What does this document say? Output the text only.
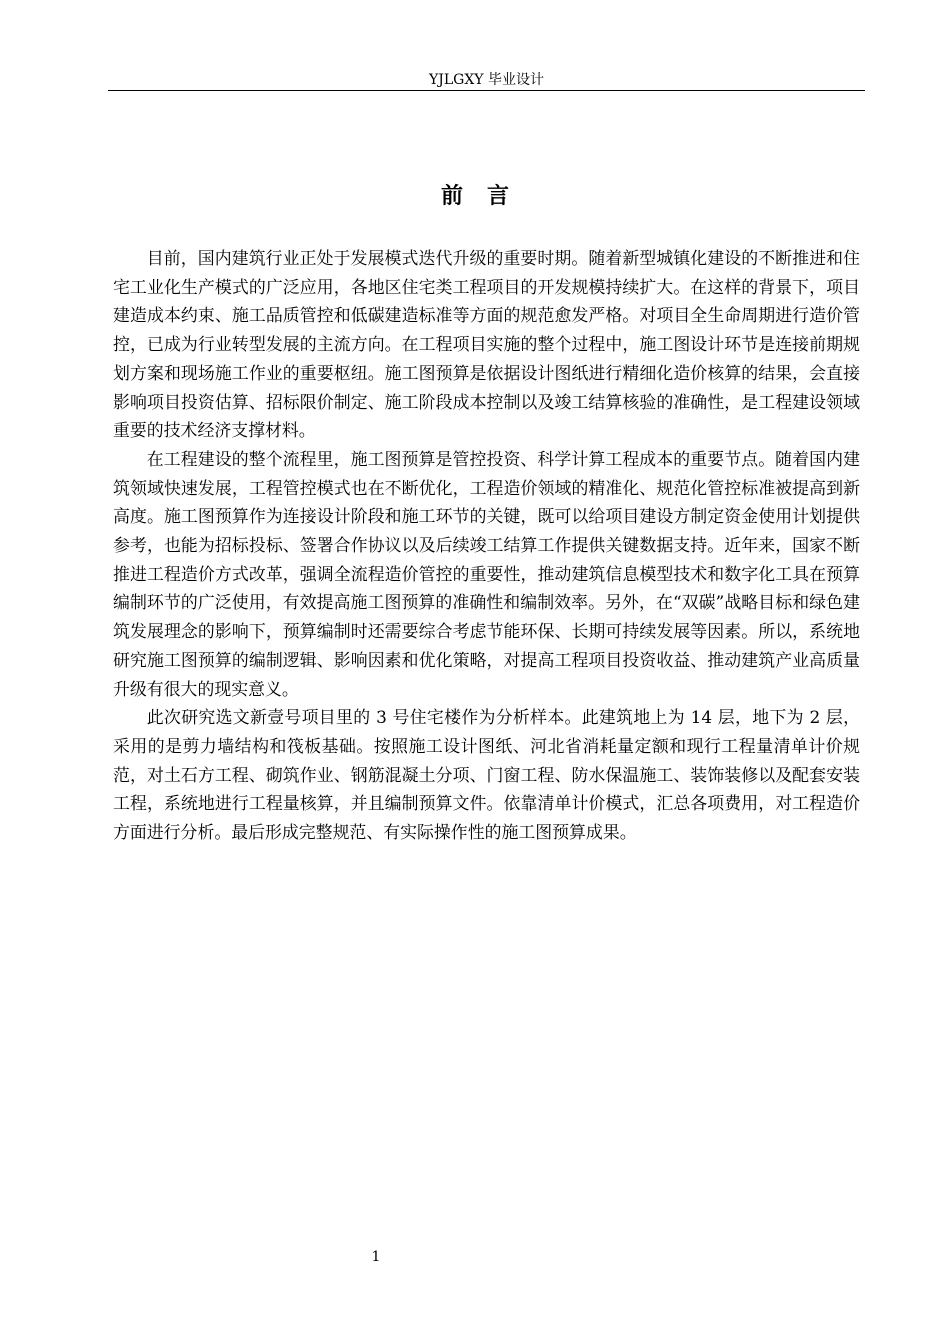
YJLGXY 毕业设计
前言

目前，国内建筑行业正处于发展模式迭代升级的重要时期。随着新型城镇化建设的不断推进和住宅工业化生产模式的广泛应用，各地区住宅类工程项目的开发规模持续扩大。在这样的背景下，项目建造成本约束、施工品质管控和低碳建造标准等方面的规范愈发严格。对项目全生命周期进行造价管控，已成为行业转型发展的主流方向。在工程项目实施的整个过程中，施工图设计环节是连接前期规划方案和现场施工作业的重要枢纽。施工图预算是依据设计图纸进行精细化造价核算的结果，会直接影响项目投资估算、招标限价制定、施工阶段成本控制以及竣工结算核验的准确性，是工程建设领域重要的技术经济支撑材料。

在工程建设的整个流程里，施工图预算是管控投资、科学计算工程成本的重要节点。随着国内建筑领域快速发展，工程管控模式也在不断优化，工程造价领域的精准化、规范化管控标准被提高到新高度。施工图预算作为连接设计阶段和施工环节的关键，既可以给项目建设方制定资金使用计划提供参考，也能为招标投标、签署合作协议以及后续竣工结算工作提供关键数据支持。近年来，国家不断推进工程造价方式改革，强调全流程造价管控的重要性，推动建筑信息模型技术和数字化工具在预算编制环节的广泛使用，有效提高施工图预算的准确性和编制效率。另外，在“双碳”战略目标和绿色建筑发展理念的影响下，预算编制时还需要综合考虑节能环保、长期可持续发展等因素。所以，系统地研究施工图预算的编制逻辑、影响因素和优化策略，对提高工程项目投资收益、推动建筑产业高质量升级有很大的现实意义。

此次研究选文新壹号项目里的 3 号住宅楼作为分析样本。此建筑地上为 14 层，地下为 2 层，采用的是剪力墙结构和筏板基础。按照施工设计图纸、河北省消耗量定额和现行工程量清单计价规范，对土石方工程、砌筑作业、钢筋混凝土分项、门窗工程、防水保温施工、装饰装修以及配套安装工程，系统地进行工程量核算，并且编制预算文件。依靠清单计价模式，汇总各项费用，对工程造价方面进行分析。最后形成完整规范、有实际操作性的施工图预算成果。

1
